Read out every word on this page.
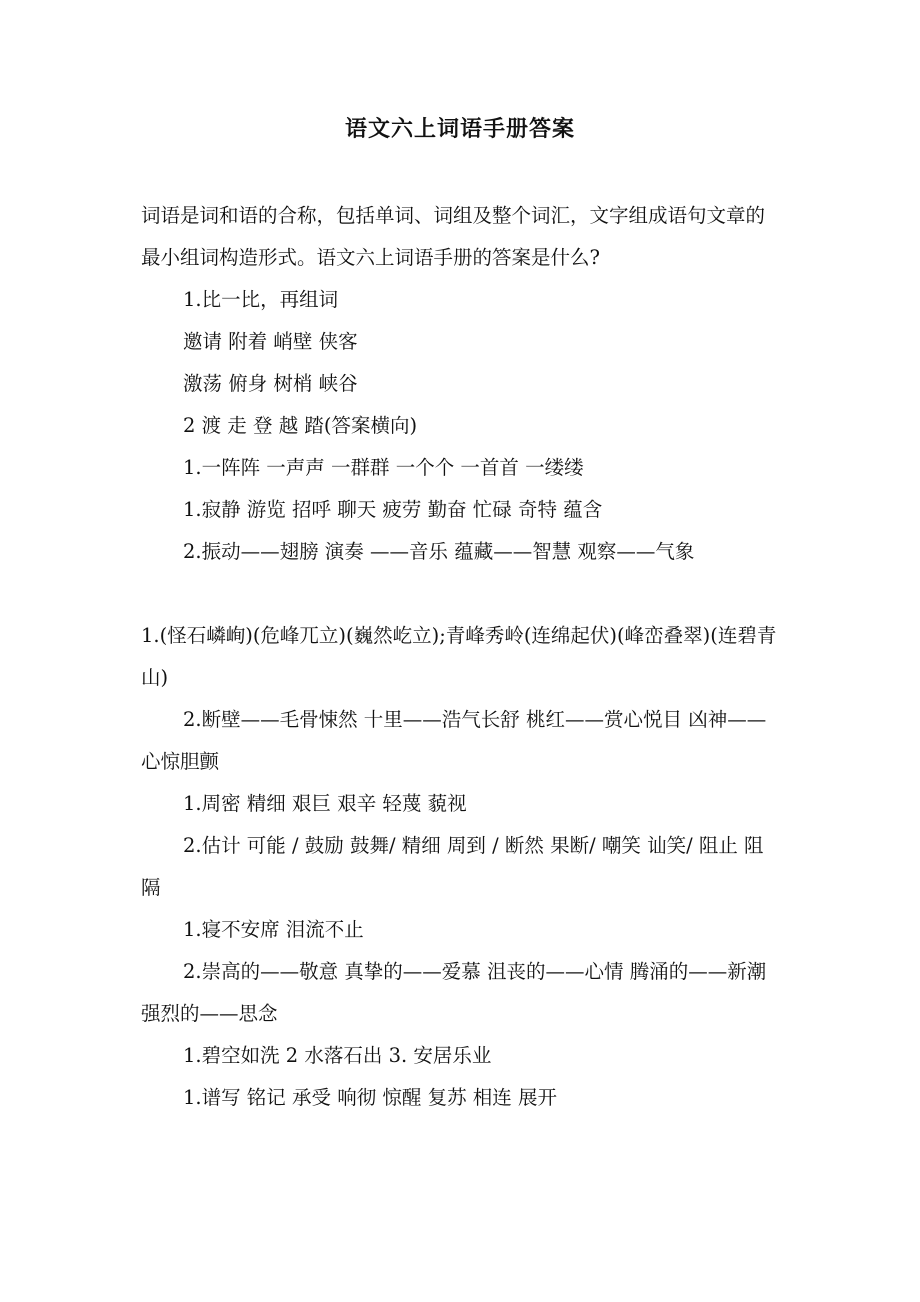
语文六上词语手册答案

词语是词和语的合称，包括单词、词组及整个词汇，文字组成语句文章的最小组词构造形式。语文六上词语手册的答案是什么?

1.比一比，再组词

邀请 附着 峭壁 侠客

激荡 俯身 树梢 峡谷

2 渡 走 登 越 踏(答案横向)

1.一阵阵 一声声 一群群 一个个 一首首 一缕缕

1.寂静 游览 招呼 聊天 疲劳 勤奋 忙碌 奇特 蕴含

2.振动——翅膀 演奏 ——音乐 蕴藏——智慧 观察——气象

1.(怪石嶙峋)(危峰兀立)(巍然屹立);青峰秀岭(连绵起伏)(峰峦叠翠)(连碧青山)

2.断壁——毛骨悚然 十里——浩气长舒 桃红——赏心悦目 凶神——心惊胆颤

1.周密 精细 艰巨 艰辛 轻蔑 藐视

2.估计 可能 / 鼓励 鼓舞/ 精细 周到 / 断然 果断/ 嘲笑 讪笑/ 阻止 阻隔

1.寝不安席 泪流不止

2.崇高的——敬意 真挚的——爱慕 沮丧的——心情 腾涌的——新潮 强烈的——思念

1.碧空如洗 2 水落石出 3. 安居乐业

1.谱写 铭记 承受 响彻 惊醒 复苏 相连 展开
